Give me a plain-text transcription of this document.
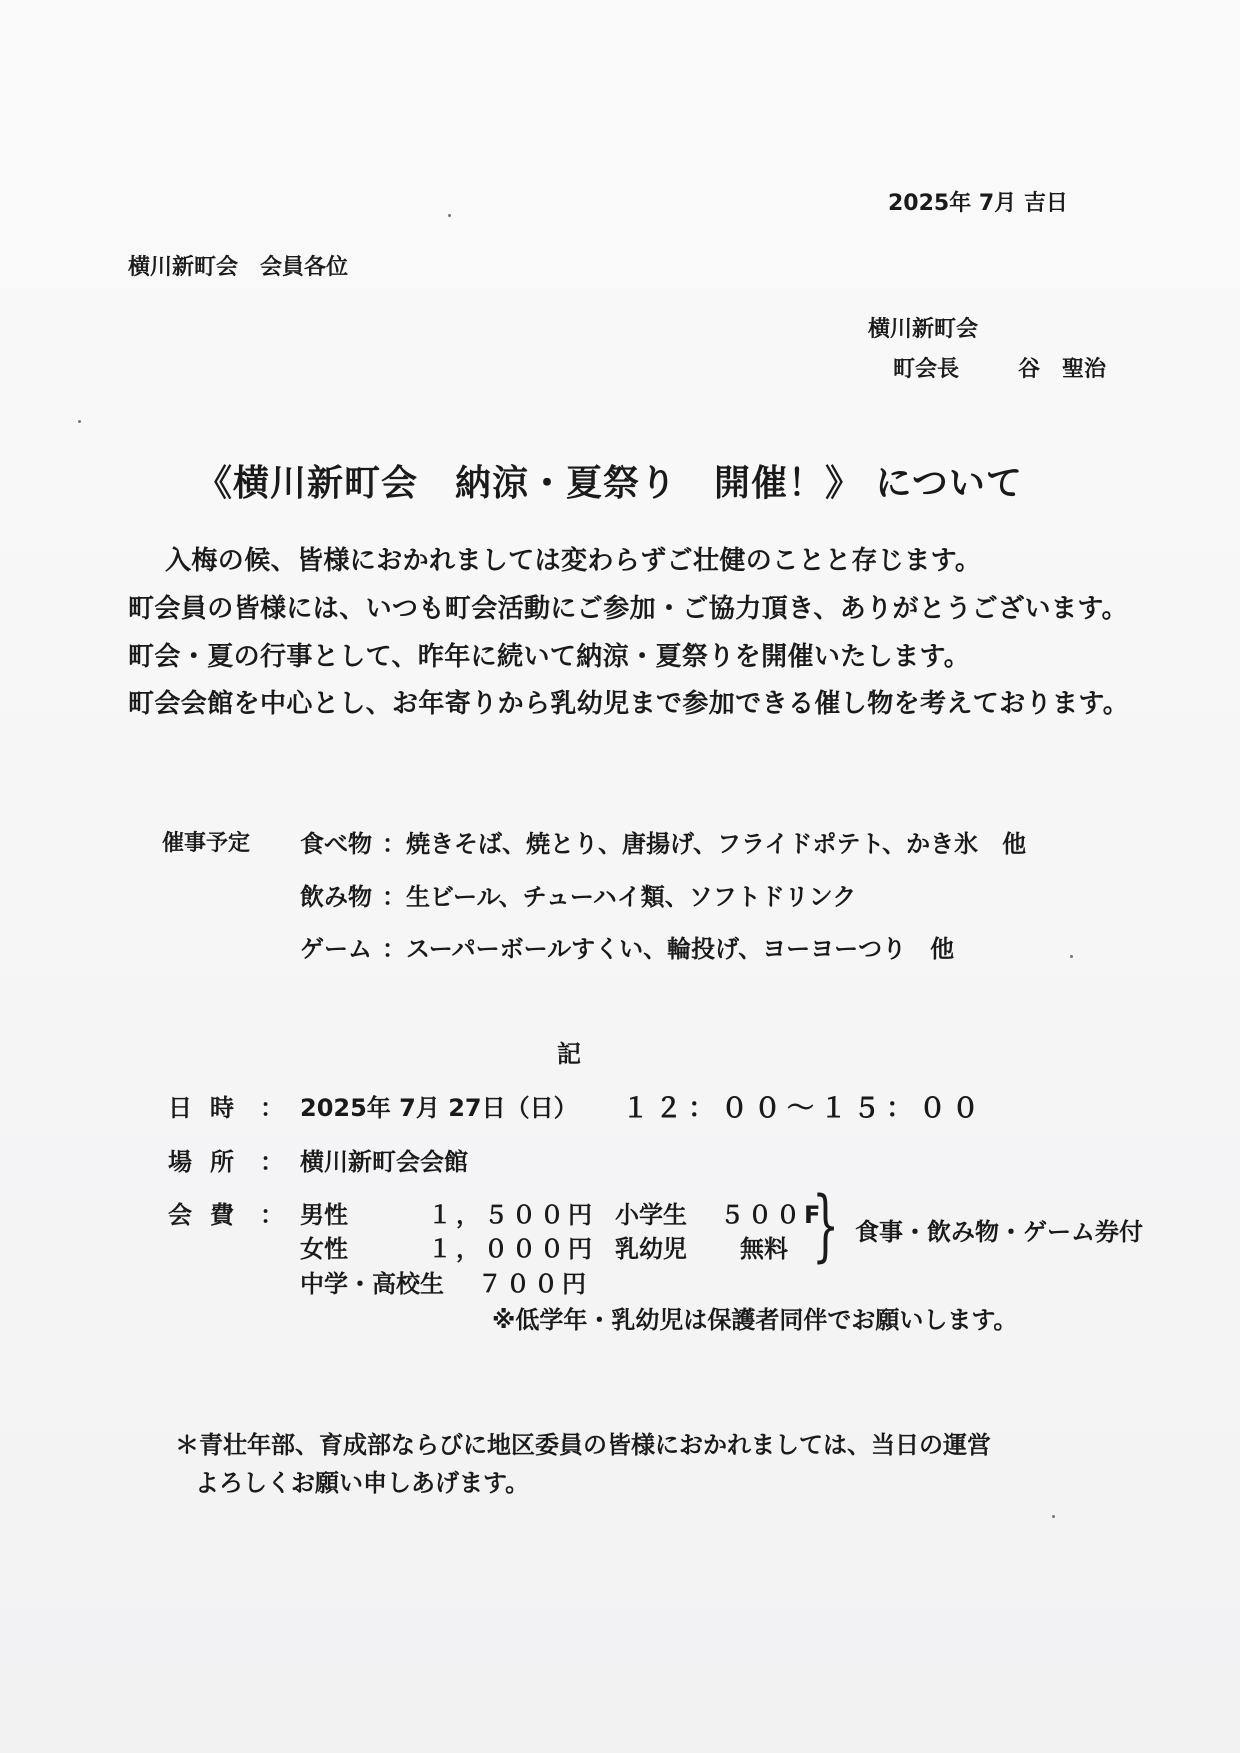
2025年 7月 吉日
横川新町会　会員各位
横川新町会
町会長	谷　聖治
《横川新町会　納涼・夏祭り　開催！》 について
入梅の候、皆様におかれましては変わらずご壮健のことと存じます。
町会員の皆様には、いつも町会活動にご参加・ご協力頂き、ありがとうございます。
町会・夏の行事として、昨年に続いて納涼・夏祭りを開催いたします。
町会会館を中心とし、お年寄りから乳幼児まで参加できる催し物を考えております。
催事予定 食べ物 ： 焼きそば、焼とり、唐揚げ、フライドポテト、かき氷　他
飲み物 ： 生ビール、チューハイ類、ソフトドリンク
ゲーム ： スーパーボールすくい、輪投げ、ヨーヨーつり　他
記
日時 ： 2025年 7月 27日（日） １２：００～１５：００
場所 ： 横川新町会会館
会費 ： 男性	１，５００円 小学生 ５００F
女性	１，０００円 乳幼児 無料
中学・高校生 ７００円
} 食事・飲み物・ゲーム券付
※低学年・乳幼児は保護者同伴でお願いします。
＊青壮年部、育成部ならびに地区委員の皆様におかれましては、当日の運営
よろしくお願い申しあげます。
